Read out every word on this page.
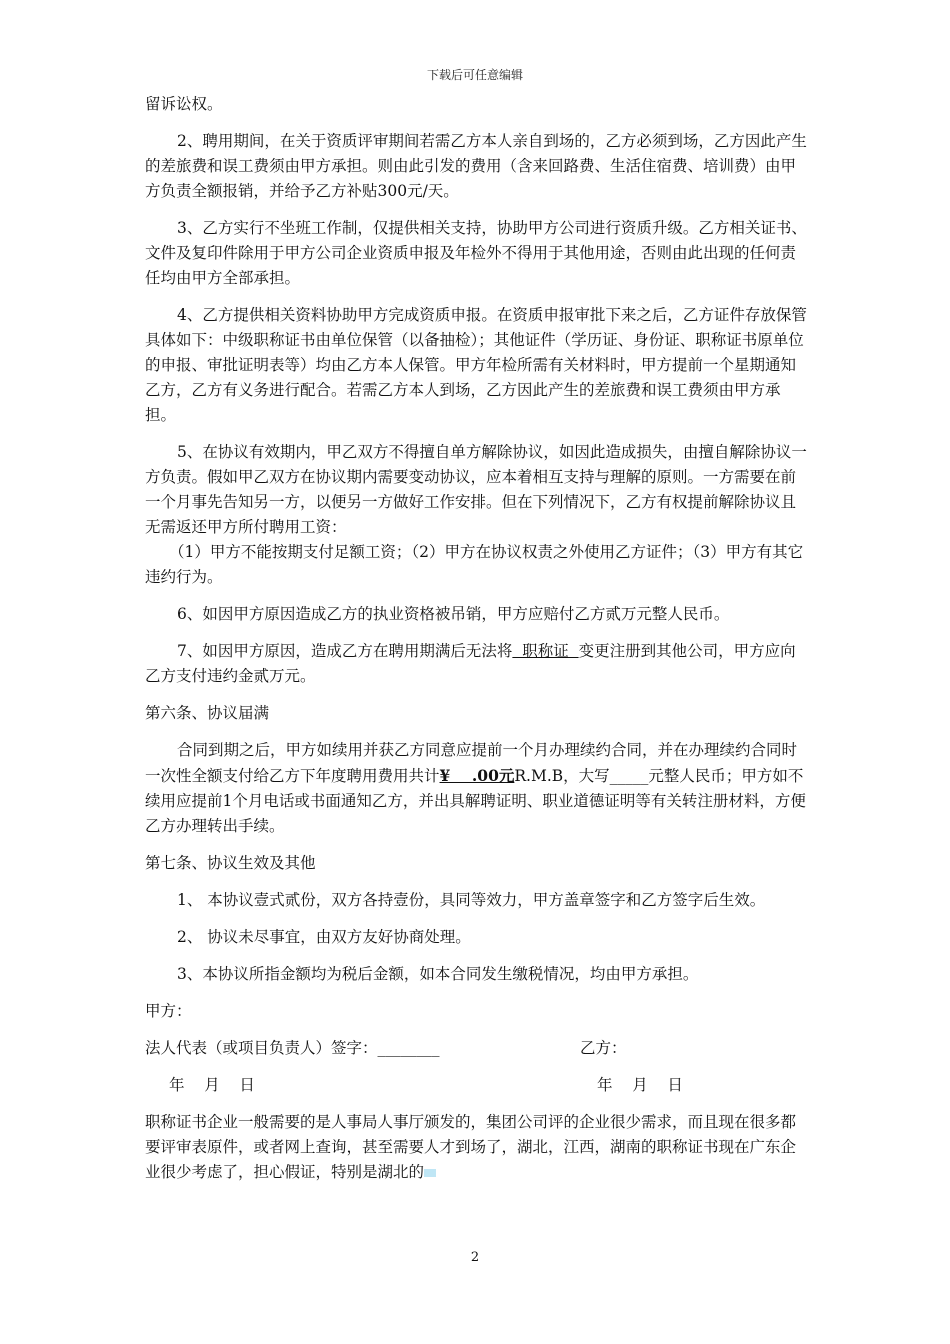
下载后可任意编辑

留诉讼权。

2、聘用期间，在关于资质评审期间若需乙方本人亲自到场的，乙方必须到场，乙方因此产生的差旅费和误工费须由甲方承担。则由此引发的费用（含来回路费、生活住宿费、培训费）由甲方负责全额报销，并给予乙方补贴300元/天。

3、乙方实行不坐班工作制，仅提供相关支持，协助甲方公司进行资质升级。乙方相关证书、文件及复印件除用于甲方公司企业资质申报及年检外不得用于其他用途，否则由此出现的任何责任均由甲方全部承担。

4、乙方提供相关资料协助甲方完成资质申报。在资质申报审批下来之后，乙方证件存放保管具体如下：中级职称证书由单位保管（以备抽检）；其他证件（学历证、身份证、职称证书原单位的申报、审批证明表等）均由乙方本人保管。甲方年检所需有关材料时，甲方提前一个星期通知乙方，乙方有义务进行配合。若需乙方本人到场，乙方因此产生的差旅费和误工费须由甲方承担。

5、在协议有效期内，甲乙双方不得擅自单方解除协议，如因此造成损失，由擅自解除协议一方负责。假如甲乙双方在协议期内需要变动协议，应本着相互支持与理解的原则。一方需要在前一个月事先告知另一方，以便另一方做好工作安排。但在下列情况下，乙方有权提前解除协议且无需返还甲方所付聘用工资：

（1）甲方不能按期支付足额工资；（2）甲方在协议权责之外使用乙方证件；（3）甲方有其它违约行为。

6、如因甲方原因造成乙方的执业资格被吊销，甲方应赔付乙方贰万元整人民币。

7、如因甲方原因，造成乙方在聘用期满后无法将  职称证  变更注册到其他公司，甲方应向乙方支付违约金贰万元。

第六条、协议届满

合同到期之后，甲方如续用并获乙方同意应提前一个月办理续约合同，并在办理续约合同时一次性全额支付给乙方下年度聘用费用共计¥    .00元R.M.B，大写_____元整人民币；甲方如不续用应提前1个月电话或书面通知乙方，并出具解聘证明、职业道德证明等有关转注册材料，方便乙方办理转出手续。

第七条、协议生效及其他

1、 本协议壹式贰份，双方各持壹份，具同等效力，甲方盖章签字和乙方签字后生效。

2、 协议未尽事宜，由双方友好协商处理。

3、本协议所指金额均为税后金额，如本合同发生缴税情况，均由甲方承担。

甲方：

法人代表（或项目负责人）签字：________	乙方：
年    月    日	年    月    日

职称证书企业一般需要的是人事局人事厅颁发的，集团公司评的企业很少需求，而且现在很多都要评审表原件，或者网上查询，甚至需要人才到场了，湖北，江西，湖南的职称证书现在广东企业很少考虑了，担心假证，特别是湖北的

2
